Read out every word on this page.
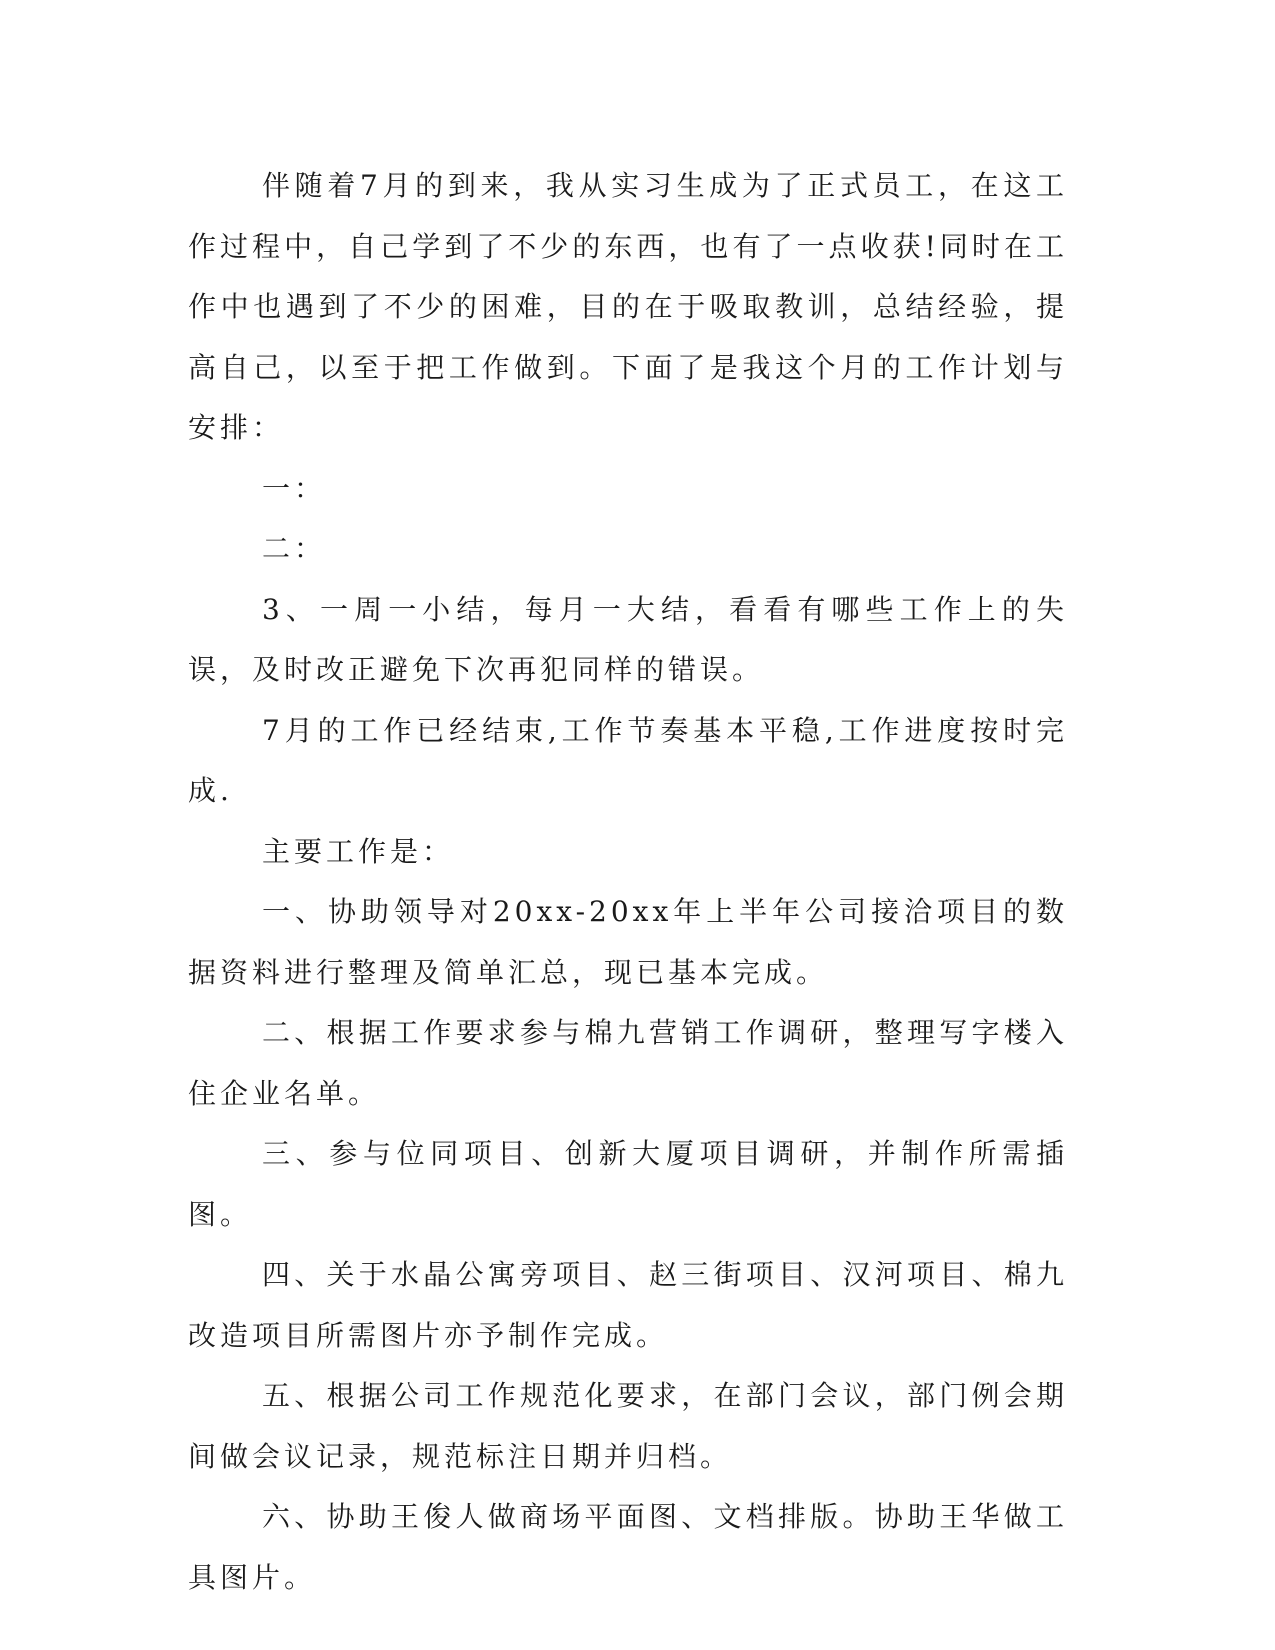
伴随着7月的到来，我从实习生成为了正式员工，在这工作过程中，自己学到了不少的东西，也有了一点收获!同时在工作中也遇到了不少的困难，目的在于吸取教训，总结经验，提高自己，以至于把工作做到。下面了是我这个月的工作计划与安排：

一：

二：

3、一周一小结，每月一大结，看看有哪些工作上的失误，及时改正避免下次再犯同样的错误。

7月的工作已经结束,工作节奏基本平稳,工作进度按时完成.

主要工作是：

一、协助领导对20xx-20xx年上半年公司接洽项目的数据资料进行整理及简单汇总，现已基本完成。

二、根据工作要求参与棉九营销工作调研，整理写字楼入住企业名单。

三、参与位同项目、创新大厦项目调研，并制作所需插图。

四、关于水晶公寓旁项目、赵三街项目、汉河项目、棉九改造项目所需图片亦予制作完成。

五、根据公司工作规范化要求，在部门会议，部门例会期间做会议记录，规范标注日期并归档。

六、协助王俊人做商场平面图、文档排版。协助王华做工具图片。
